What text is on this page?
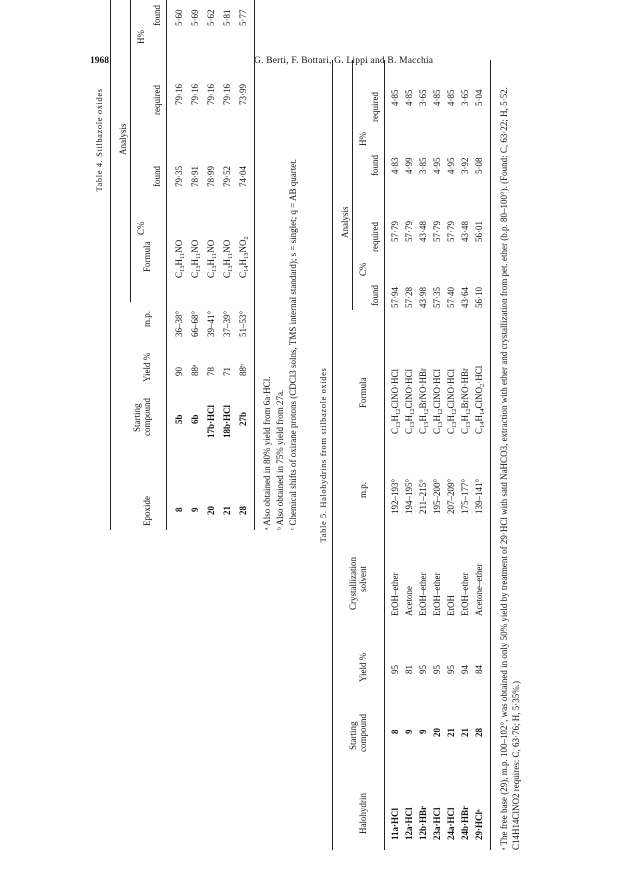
1968	G. Berti, F. Bottari, G. Lippi and B. Macchia
Table 4. Stilbazole oxides Analysis
Starting
C%
H%
Epoxide
compound
Yield %
m.p.
Formula
found
required
found
8
5b
90
36–38°
$C_{13}H_{11}NO$
79·35
79·16
5·60
9
6b
88ᵃ
66–68°
$C_{13}H_{11}NO$
78·91
79·16
5·69
20
17b·HCl
78
39–41°
$C_{13}H_{11}NO$
78·99
79·16
5·62
21
18b·HCl
71
37–39°
$C_{13}H_{11}NO$
79·52
79·16
5·81
28
27b
88ᵇ
51–53°
$C_{14}H_{13}NO_2$
74·04
73·99
5·77
ᵃ Also obtained in 80% yield from 6a·HCl. ᵇ Also obtained in 75% yield from 27a. ᶜ Chemical shifts of oxirane protons (CDCl3 solns, TMS internal standard); s = singlet; q = AB quartet. Table 5. Halohydrins from stilbazole oxides
Analysis
Starting
Crystallization
C%
H%
Halohydrin
compound
Yield %
solvent
m.p.
Formula
found
required
found
required
11a·HCl
8
95
EtOH–ether
192–193°
$C_{13}H_{12}ClNO\cdot HCl$
57·94
57·79
4·83
4·85
12a·HCl
9
81
Acetone
194–195°
$C_{13}H_{12}ClNO\cdot HCl$
57·28
57·79
4·99
4·85
12b·HBr
9
95
EtOH–ether
211–215°
$C_{13}H_{12}BrNO\cdot HBr$
43·98
43·48
3·85
3·65
23a·HCl
20
95
EtOH–ether
195–200°
$C_{13}H_{12}ClNO\cdot HCl$
57·35
57·79
4·95
4·85
24a·HCl
21
95
EtOH
207–209°
$C_{13}H_{12}ClNO\cdot HCl$
57·40
57·79
4·95
4·85
24b·HBr
21
94
EtOH–ether
175–177°
$C_{13}H_{12}BrNO\cdot HBr$
43·64
43·48
3·92
3·65
29·HClᵃ
28
84
Acetone–ether
139–141°
$C_{14}H_{14}ClNO_2\cdot HCl$
56·10
56·01
5·08
5·04 ᵃ The free base (29), m.p. 100–102°, was obtained in only 50% yield by treatment of 29·HCl with satd NaHCO3, extraction with ether and crystallization from pet. ether (b.p. 80–100°). (Found: C, 63·22; H, 5·52. C14H14ClNO2 requires: C, 63·76; H, 5·35%.)
